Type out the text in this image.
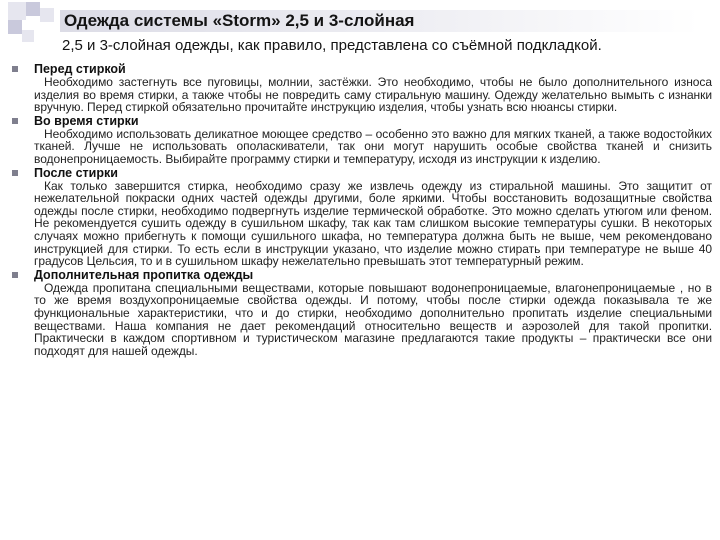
Одежда системы «Storm» 2,5 и 3-слойная
2,5 и 3-слойная одежды, как правило, представлена со съёмной подкладкой.
Перед стиркой
Необходимо застегнуть все пуговицы, молнии, застёжки. Это необходимо, чтобы не было дополнительного износа изделия во время стирки, а также чтобы не повредить саму стиральную машину. Одежду желательно вымыть с изнанки вручную. Перед стиркой обязательно прочитайте инструкцию изделия, чтобы узнать всю нюансы стирки.
Во время стирки
Необходимо использовать деликатное моющее средство – особенно это важно для мягких тканей, а также водостойких тканей. Лучше не использовать ополаскиватели, так они могут нарушить особые свойства тканей и снизить водонепроницаемость. Выбирайте программу стирки и температуру, исходя из инструкции к изделию.
После стирки
Как только завершится стирка, необходимо сразу же извлечь одежду из стиральной машины. Это защитит от нежелательной покраски одних частей одежды другими, боле яркими. Чтобы восстановить водозащитные свойства одежды после стирки, необходимо подвергнуть изделие термической обработке. Это можно сделать утюгом или феном. Не рекомендуется сушить одежду в сушильном шкафу, так как там слишком высокие температуры сушки. В некоторых случаях можно прибегнуть к помощи сушильного шкафа, но температура должна быть не выше, чем рекомендовано инструкцией для стирки. То есть если в инструкции указано, что изделие можно стирать при температуре не выше 40 градусов Цельсия, то и в сушильном шкафу нежелательно превышать этот температурный режим.
Дополнительная пропитка одежды
Одежда пропитана специальными веществами, которые повышают водонепроницаемые, влагонепроницаемые , но в то же время воздухопроницаемые свойства одежды. И потому, чтобы после стирки одежда показывала те же функциональные характеристики, что и до стирки, необходимо дополнительно пропитать изделие специальными веществами. Наша компания не дает рекомендаций относительно веществ и аэрозолей для такой пропитки. Практически в каждом спортивном и туристическом магазине предлагаются такие продукты – практически все они подходят для нашей одежды.
